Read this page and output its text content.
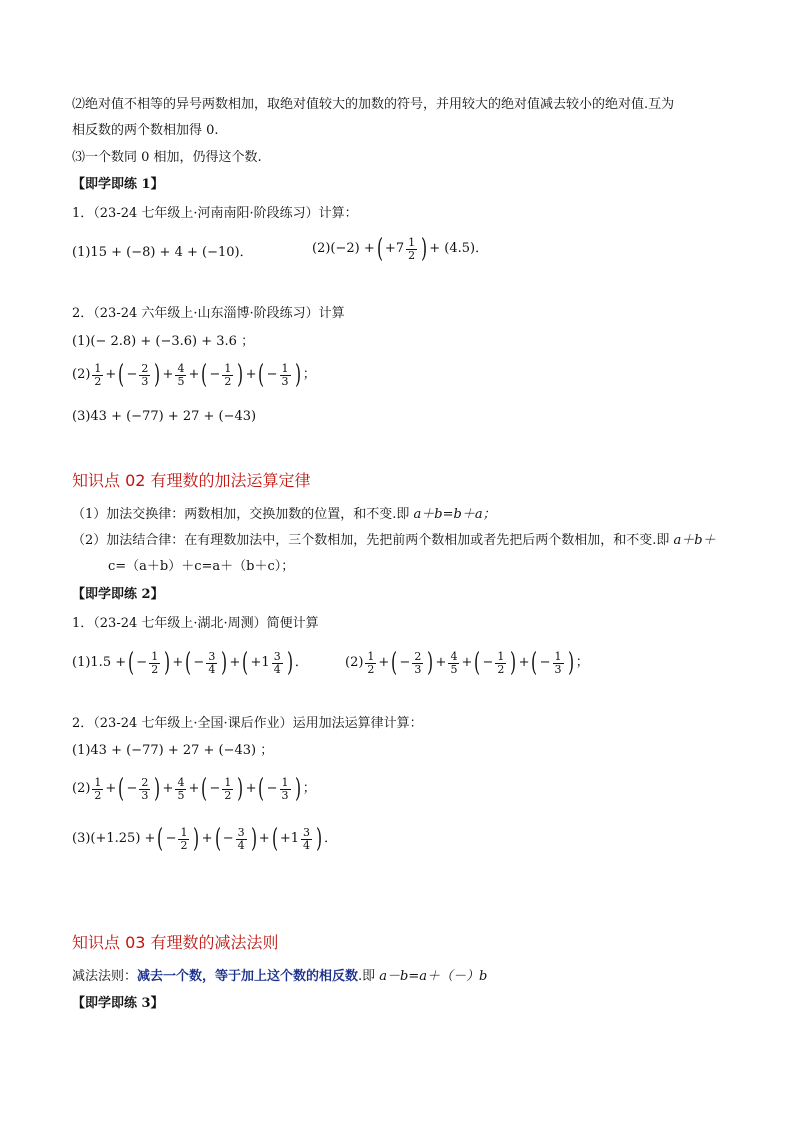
⑵绝对值不相等的异号两数相加，取绝对值较大的加数的符号，并用较大的绝对值减去较小的绝对值.互为
相反数的两个数相加得 0.
⑶一个数同 0 相加，仍得这个数.
【即学即练 1】
1．（23-24 七年级上·河南南阳·阶段练习）计算：
(1)15 + (−8) + 4 + (−10)．	(2) (−2) + ( $+7 \frac{1}{2}$ ) + (4.5)．
2．（23-24 六年级上·山东淄博·阶段练习）计算
(1)(− 2.8) + (−3.6) + 3.6 ；
$(2) \frac{1}{2}$ + ( − $\frac{2}{3}$ ) + $\frac{4}{5}$ + ( − $\frac{1}{2}$ ) + ( − $\frac{1}{3}$ ) ；
(3)43 + (−77) + 27 + (−43)
知识点 02 有理数的加法运算定律
（1）加法交换律：两数相加，交换加数的位置，和不变.即 a＋b=b＋a；
（2）加法结合律：在有理数加法中，三个数相加，先把前两个数相加或者先把后两个数相加，和不变.即 a＋b＋
c=（a＋b）＋c=a＋（b＋c）；
【即学即练 2】
1．（23-24 七年级上·湖北·周测）简便计算
(1)1.5 + ( − $\frac{1}{2}$ ) + ( − $\frac{3}{4}$ ) + ( $+1 \frac{3}{4}$ ) ．	$(2) \frac{1}{2}$ + ( − $\frac{2}{3}$ ) + $\frac{4}{5}$ + ( − $\frac{1}{2}$ ) + ( − $\frac{1}{3}$ ) ；
2．（23-24 七年级上·全国·课后作业）运用加法运算律计算：
(1)43 + (−77) + 27 + (−43) ；
$(2) \frac{1}{2}$ + ( − $\frac{2}{3}$ ) + $\frac{4}{5}$ + ( − $\frac{1}{2}$ ) + ( − $\frac{1}{3}$ ) ；
(3)(+1.25) + ( − $\frac{1}{2}$ ) + ( − $\frac{3}{4}$ ) + ( $+1 \frac{3}{4}$ ) ．
知识点 03 有理数的减法法则
减法法则：减去一个数，等于加上这个数的相反数.即 a－b=a＋（－）b
【即学即练 3】
